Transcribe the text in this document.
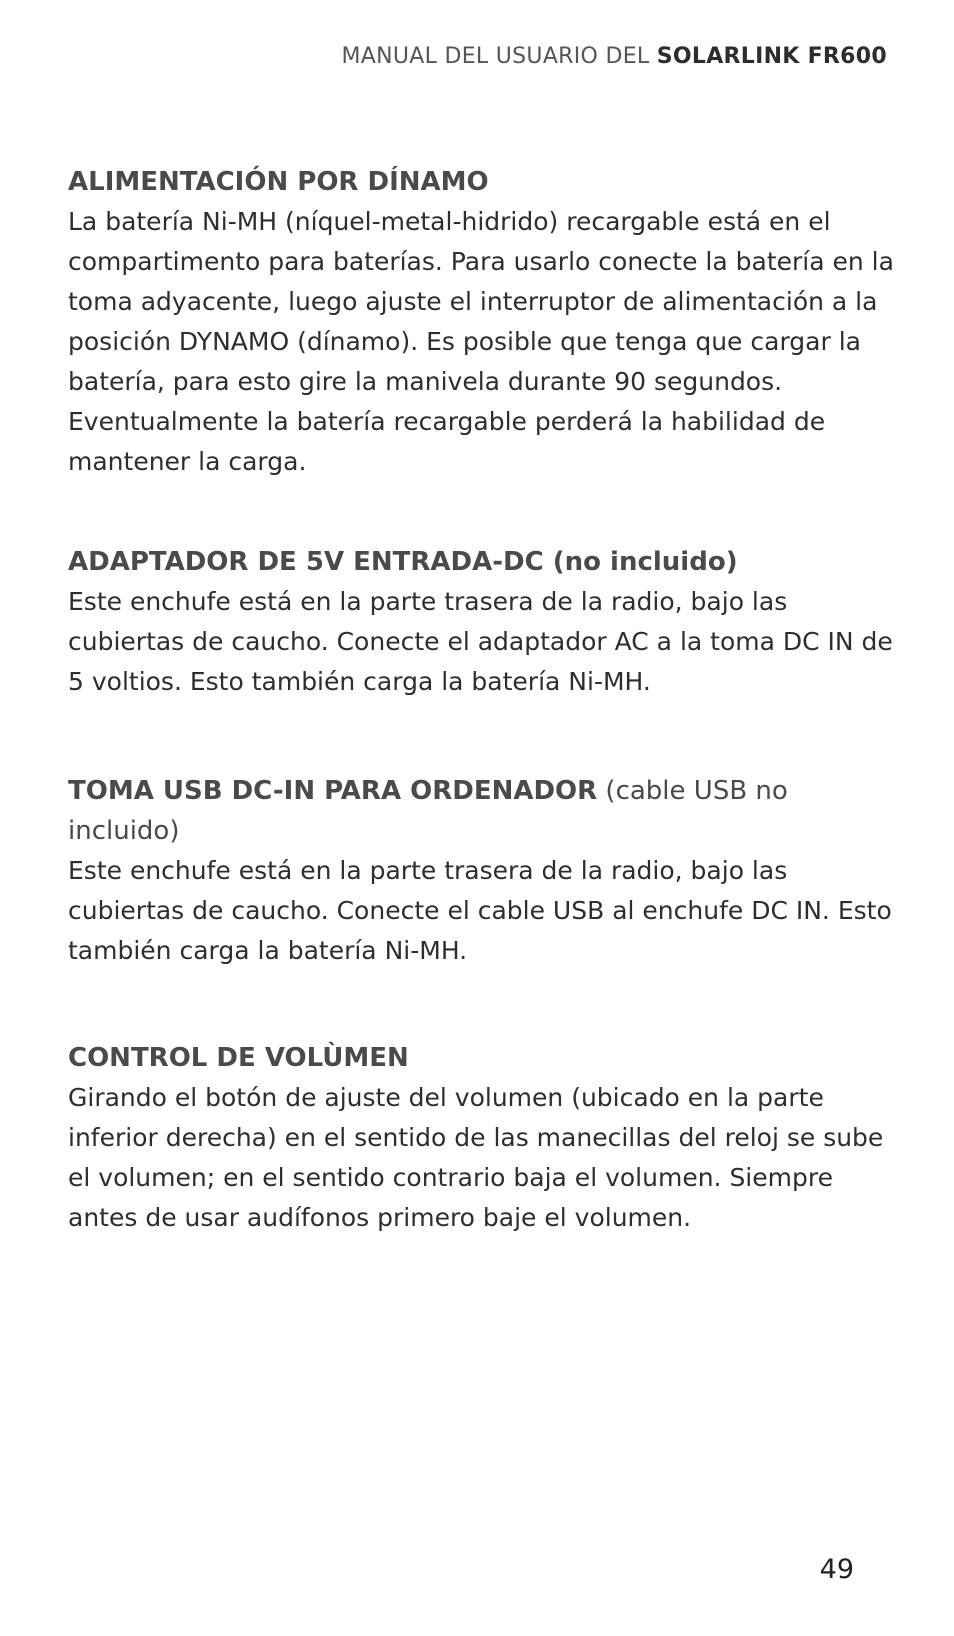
MANUAL DEL USUARIO DEL SOLARLINK FR600
ALIMENTACIÓN POR DÍNAMO

La batería Ni-MH (níquel-metal-hidrido) recargable está en el compartimento para baterías. Para usarlo conecte la batería en la toma adyacente, luego ajuste el interruptor de alimentación a la posición DYNAMO (dínamo). Es posible que tenga que cargar la batería, para esto gire la manivela durante 90 segundos. Eventualmente la batería recargable perderá la habilidad de mantener la carga.

ADAPTADOR DE 5V ENTRADA-DC (no incluido)

Este enchufe está en la parte trasera de la radio, bajo las cubiertas de caucho. Conecte el adaptador AC a la toma DC IN de 5 voltios. Esto también carga la batería Ni-MH.

TOMA USB DC-IN PARA ORDENADOR (cable USB no incluido)

Este enchufe está en la parte trasera de la radio, bajo las cubiertas de caucho. Conecte el cable USB al enchufe DC IN. Esto también carga la batería Ni-MH.

CONTROL DE VOLÙMEN

Girando el botón de ajuste del volumen (ubicado en la parte inferior derecha) en el sentido de las manecillas del reloj se sube el volumen; en el sentido contrario baja el volumen. Siempre antes de usar audífonos primero baje el volumen.

49
